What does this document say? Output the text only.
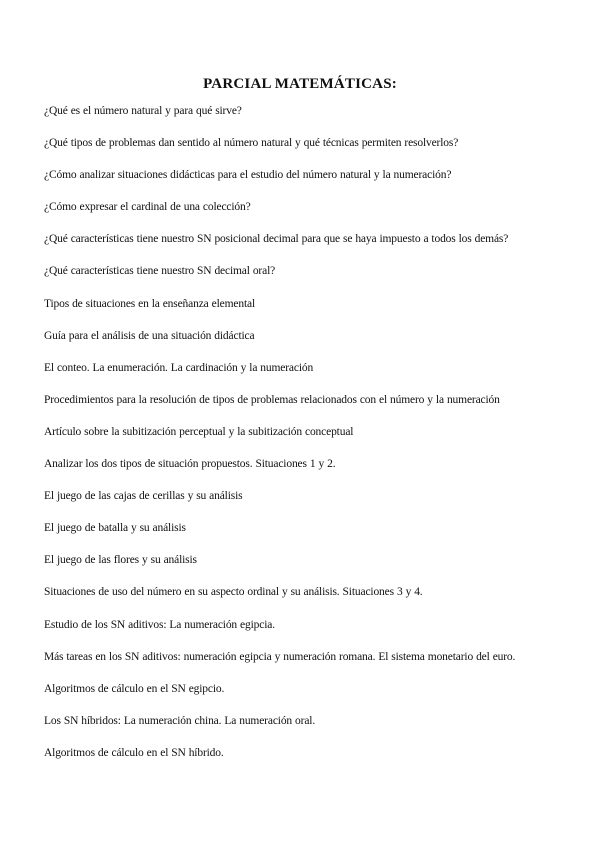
PARCIAL MATEMÁTICAS:
¿Qué es el número natural y para qué sirve?
¿Qué tipos de problemas dan sentido al número natural y qué técnicas permiten resolverlos?
¿Cómo analizar situaciones didácticas para el estudio del número natural y la numeración?
¿Cómo expresar el cardinal de una colección?
¿Qué características tiene nuestro SN posicional decimal para que se haya impuesto a todos los demás?
¿Qué características tiene nuestro SN decimal oral?
Tipos de situaciones en la enseñanza elemental
Guía para el análisis de una situación didáctica
El conteo. La enumeración. La cardinación y la numeración
Procedimientos para la resolución de tipos de problemas relacionados con el número y la numeración
Artículo sobre la subitización perceptual y la subitización conceptual
Analizar los dos tipos de situación propuestos. Situaciones 1 y 2.
El juego de las cajas de cerillas y su análisis
El juego de batalla y su análisis
El juego de las flores y su análisis
Situaciones de uso del número en su aspecto ordinal y su análisis. Situaciones 3 y 4.
Estudio de los SN aditivos: La numeración egipcia.
Más tareas en los SN aditivos: numeración egipcia y numeración romana. El sistema monetario del euro.
Algoritmos de cálculo en el SN egipcio.
Los SN híbridos: La numeración china. La numeración oral.
Algoritmos de cálculo en el SN híbrido.
